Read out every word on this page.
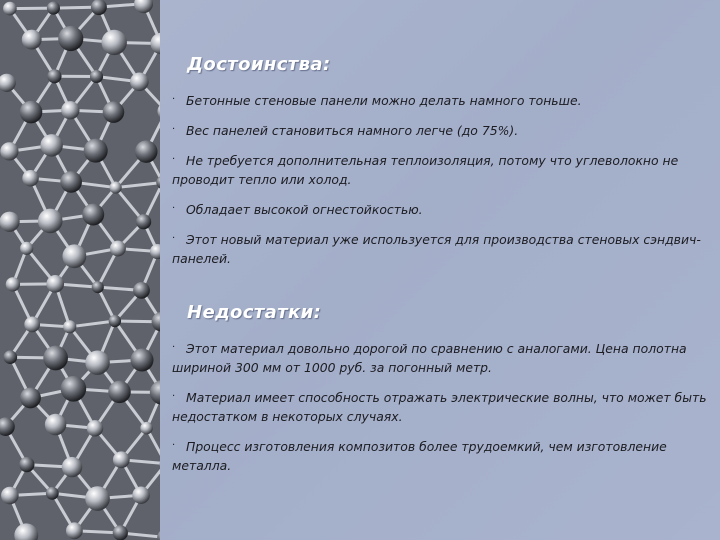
Достоинства:
· Бетонные стеновые панели можно делать намного тоньше.
· Вес панелей становиться намного легче (до 75%).
· Не требуется дополнительная теплоизоляция, потому что углеволокно не проводит тепло или холод.
· Обладает высокой огнестойкостью.
· Этот новый материал уже используется для производства стеновых сэндвич-панелей.
Недостатки:
· Этот материал довольно дорогой по сравнению с аналогами. Цена полотна шириной 300 мм от 1000 руб. за погонный метр.
· Материал имеет способность отражать электрические волны, что может быть недостатком в некоторых случаях.
· Процесс изготовления композитов более трудоемкий, чем изготовление металла.
